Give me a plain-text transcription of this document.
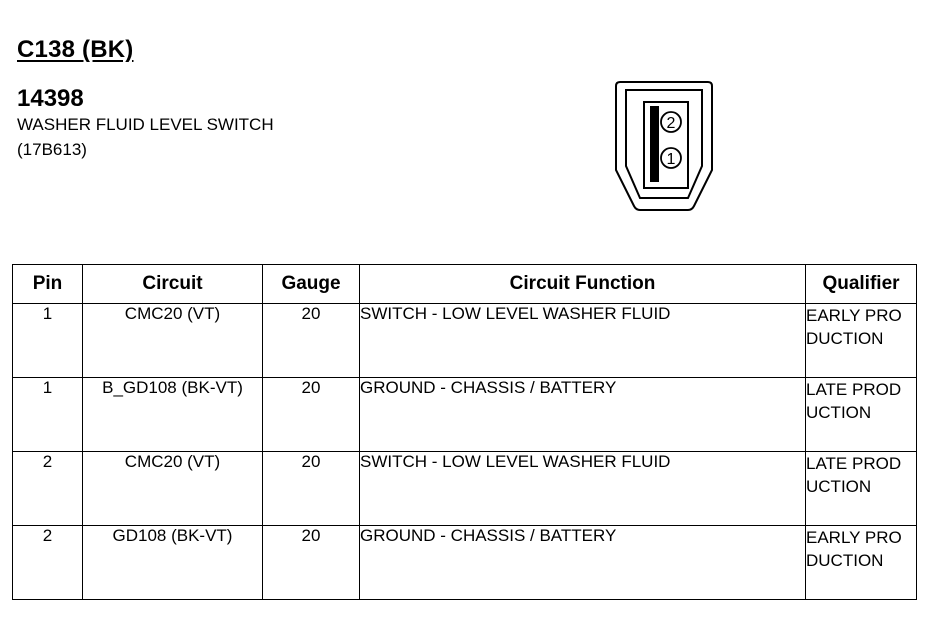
C138 (BK)
14398
WASHER FLUID LEVEL SWITCH
(17B613)
2
1
Pin	Circuit	Gauge	Circuit Function	Qualifier
1	CMC20 (VT)	20	SWITCH - LOW LEVEL WASHER FLUID	EARLY PRODUCTION

1	B_GD108 (BK-VT)	20	GROUND - CHASSIS / BATTERY	LATE PRODUCTION

2	CMC20 (VT)	20	SWITCH - LOW LEVEL WASHER FLUID	LATE PRODUCTION

2	GD108 (BK-VT)	20	GROUND - CHASSIS / BATTERY	EARLY PRODUCTION
